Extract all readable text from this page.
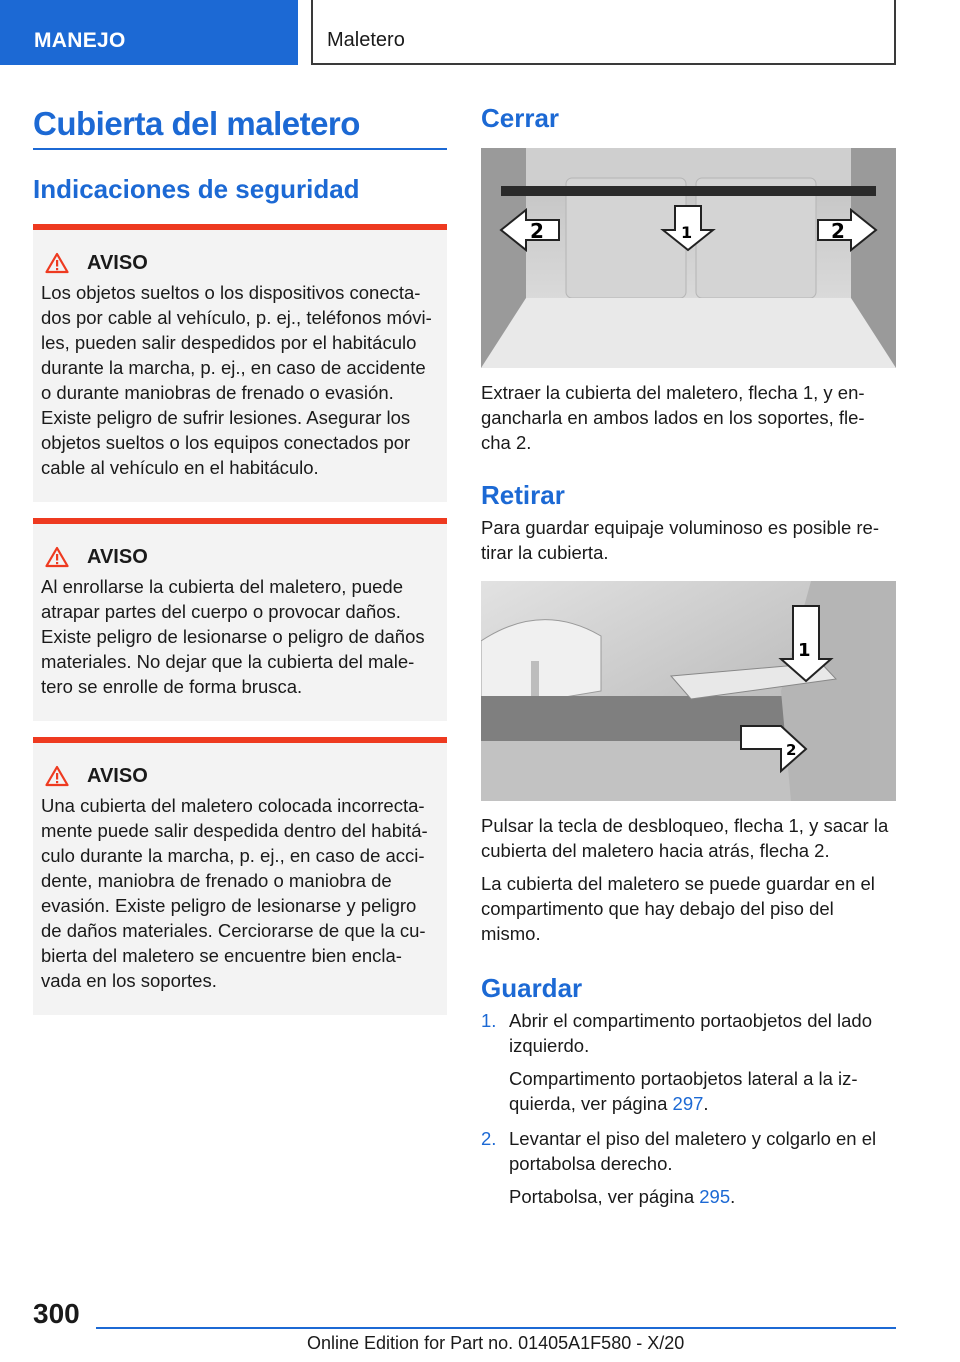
MANEJO	Maletero
Cubierta del maletero
Indicaciones de seguridad
AVISO

Los objetos sueltos o los dispositivos conecta-
dos por cable al vehículo, p. ej., teléfonos móvi-
les, pueden salir despedidos por el habitáculo
durante la marcha, p. ej., en caso de accidente
o durante maniobras de frenado o evasión.
Existe peligro de sufrir lesiones. Asegurar los
objetos sueltos o los equipos conectados por
cable al vehículo en el habitáculo.

AVISO

Al enrollarse la cubierta del maletero, puede
atrapar partes del cuerpo o provocar daños.
Existe peligro de lesionarse o peligro de daños
materiales. No dejar que la cubierta del male-
tero se enrolle de forma brusca.

AVISO

Una cubierta del maletero colocada incorrecta-
mente puede salir despedida dentro del habitá-
culo durante la marcha, p. ej., en caso de acci-
dente, maniobra de frenado o maniobra de
evasión. Existe peligro de lesionarse y peligro
de daños materiales. Cerciorarse de que la cu-
bierta del maletero se encuentre bien encla-
vada en los soportes.

Cerrar
2	2
1
Extraer la cubierta del maletero, flecha 1, y en-
gancharla en ambos lados en los soportes, fle-
cha 2.
Retirar
Para guardar equipaje voluminoso es posible re-
tirar la cubierta.
1
2
Pulsar la tecla de desbloqueo, flecha 1, y sacar la
cubierta del maletero hacia atrás, flecha 2.
La cubierta del maletero se puede guardar en el
compartimento que hay debajo del piso del
mismo.
Guardar
1. Abrir el compartimento portaobjetos del lado
izquierdo.
Compartimento portaobjetos lateral a la iz-
quierda, ver página 297.
2. Levantar el piso del maletero y colgarlo en el
portabolsa derecho.
Portabolsa, ver página 295.
300
Online Edition for Part no. 01405A1F580 - X/20
